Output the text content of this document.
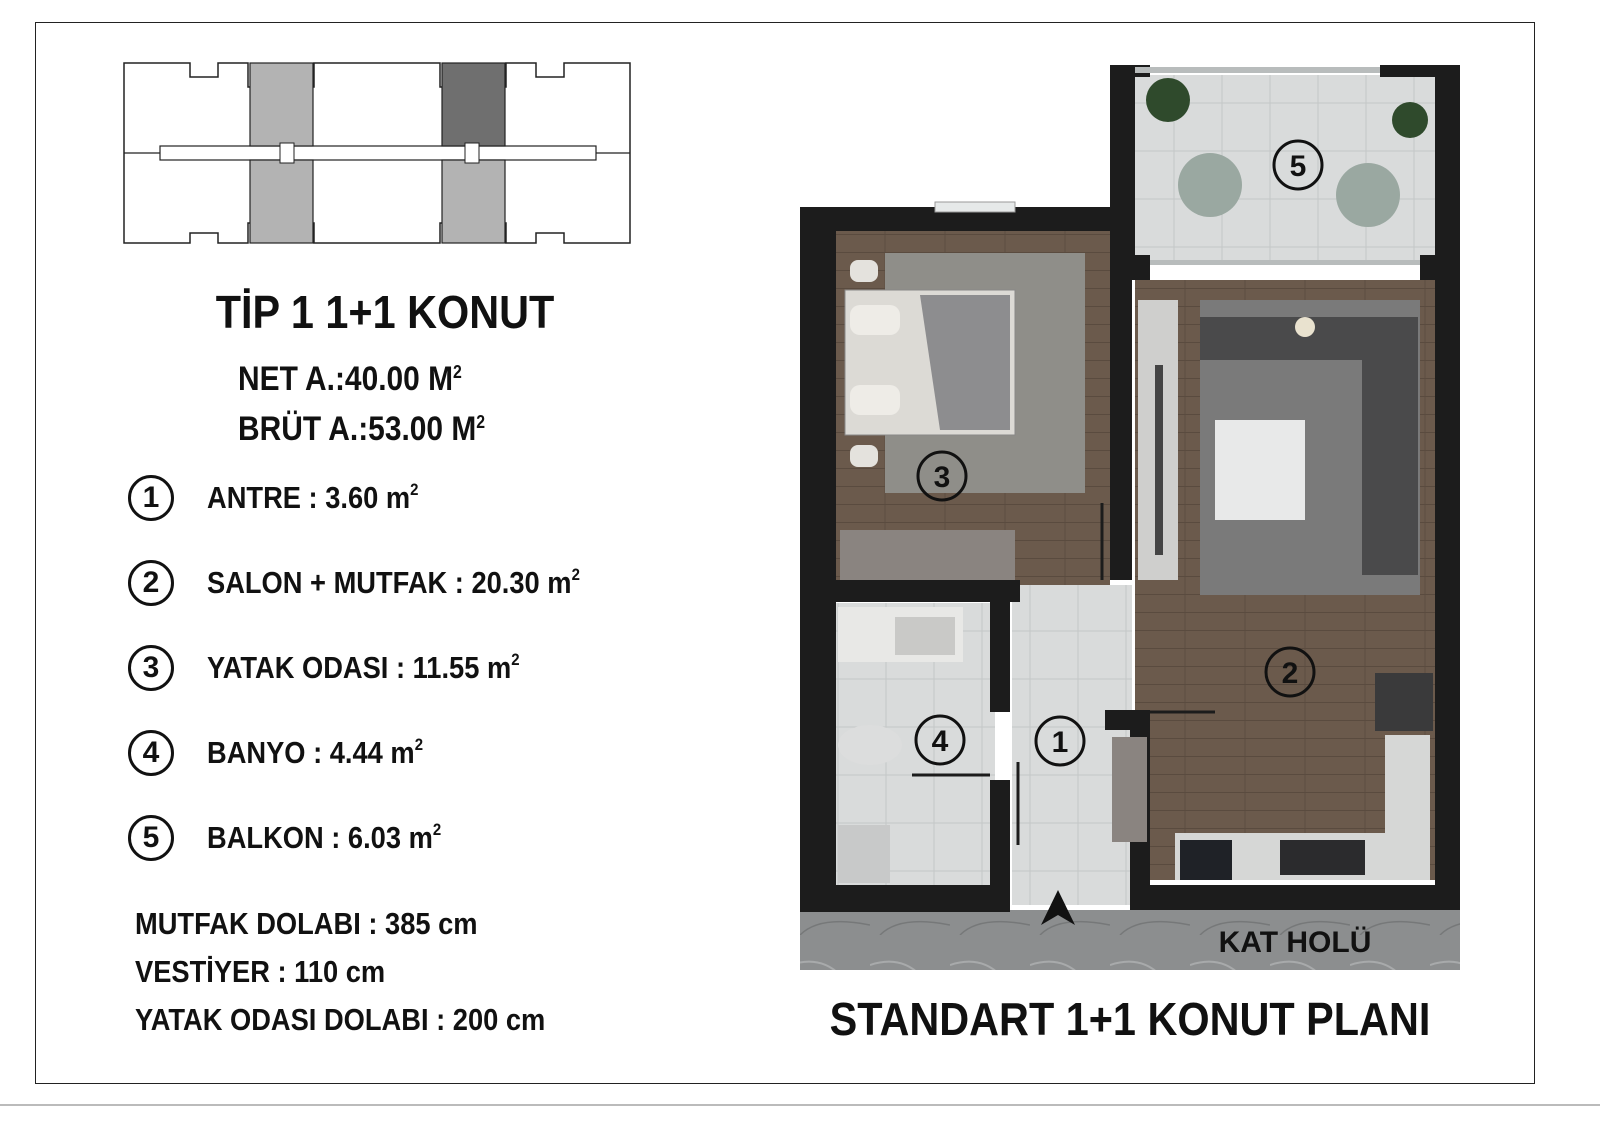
TİP 1 1+1 KONUT
NET A.:40.00 $M^2$
BRÜT A.:53.00 $M^2$
1	ANTRE : 3.60 $m^2$
2	SALON + MUTFAK : 20.30 $m^2$
3	YATAK ODASI : 11.55 $m^2$
4	BANYO : 4.44 $m^2$
5	BALKON : 6.03 $m^2$
MUTFAK DOLABI : 385 cm
VESTİYER : 110 cm
YATAK ODASI DOLABI : 200 cm
1
2
3
4
5
KAT HOLÜ
STANDART 1+1 KONUT PLANI
